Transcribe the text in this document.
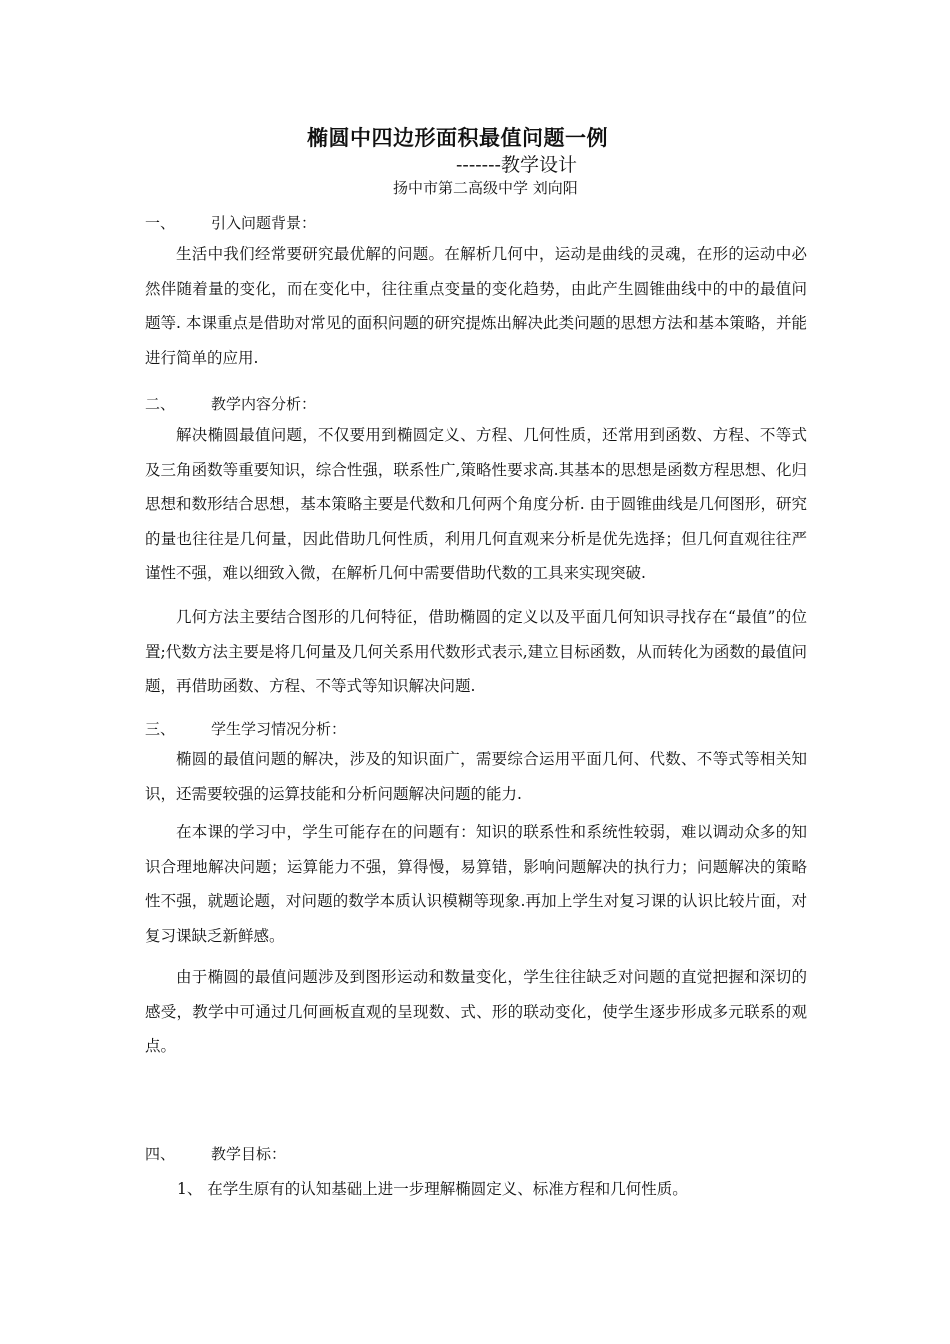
椭圆中四边形面积最值问题一例
-------教学设计
扬中市第二高级中学 刘向阳
一、 引入问题背景：

生活中我们经常要研究最优解的问题。在解析几何中，运动是曲线的灵魂，在形的运动中必然伴随着量的变化，而在变化中，往往重点变量的变化趋势，由此产生圆锥曲线中的中的最值问题等. 本课重点是借助对常见的面积问题的研究提炼出解决此类问题的思想方法和基本策略，并能进行简单的应用.

二、 教学内容分析：

解决椭圆最值问题，不仅要用到椭圆定义、方程、几何性质，还常用到函数、方程、不等式及三角函数等重要知识，综合性强，联系性广,策略性要求高.其基本的思想是函数方程思想、化归思想和数形结合思想，基本策略主要是代数和几何两个角度分析. 由于圆锥曲线是几何图形，研究的量也往往是几何量，因此借助几何性质，利用几何直观来分析是优先选择；但几何直观往往严谨性不强，难以细致入微，在解析几何中需要借助代数的工具来实现突破.

几何方法主要结合图形的几何特征，借助椭圆的定义以及平面几何知识寻找存在“最值”的位置;代数方法主要是将几何量及几何关系用代数形式表示,建立目标函数，从而转化为函数的最值问题，再借助函数、方程、不等式等知识解决问题.

三、 学生学习情况分析：

椭圆的最值问题的解决，涉及的知识面广，需要综合运用平面几何、代数、不等式等相关知识，还需要较强的运算技能和分析问题解决问题的能力.

在本课的学习中，学生可能存在的问题有：知识的联系性和系统性较弱，难以调动众多的知识合理地解决问题；运算能力不强，算得慢，易算错，影响问题解决的执行力；问题解决的策略性不强，就题论题，对问题的数学本质认识模糊等现象.再加上学生对复习课的认识比较片面，对复习课缺乏新鲜感。

由于椭圆的最值问题涉及到图形运动和数量变化，学生往往缺乏对问题的直觉把握和深切的感受，教学中可通过几何画板直观的呈现数、式、形的联动变化，使学生逐步形成多元联系的观点。

四、 教学目标：
1、 在学生原有的认知基础上进一步理解椭圆定义、标准方程和几何性质。
